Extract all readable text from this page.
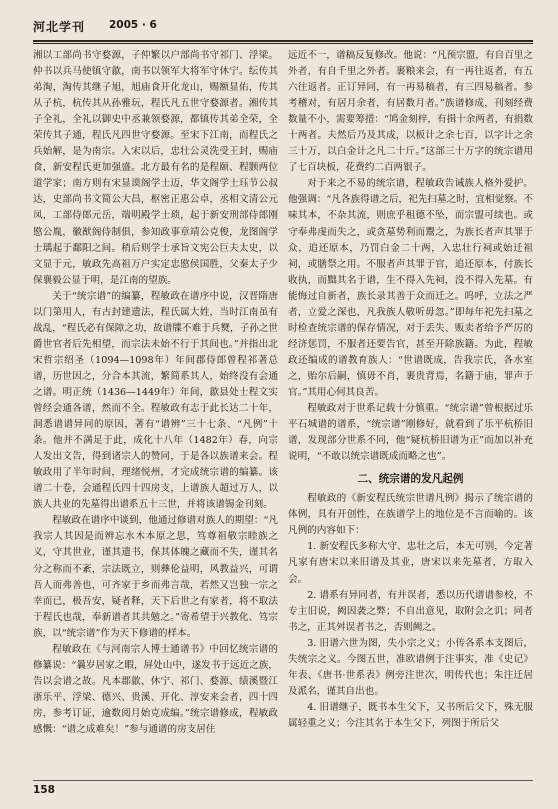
河北学刊 2005 · 6

湘以工部尚书守婺源，子仲繁以户部尚书守祁门、浮梁。仲书以兵马使镇守歙，南书以领军大将军守休宁。纭传其弟淘，淘传其继子旭，旭庙食开化龙山，赐额显佑，传其从子杭，杭传其从孙雅玩，程氏凡五世守婺源者。湘传其子全礼，全礼以御史中丞兼领婺源，都镇传其弟全荣，全荣传其子通，程氏凡四世守婺源。至宋下江南，而程氏之兵始解，是为南宗。入宋以后，忠壮公灵洗受王封，赐庙食，新安程氏更加强盛。北方最有名的是程颐、程颢两位道学家；南方则有宋显谟阁学士迈，华文阁学士珏节公叔达，史部尚书文简公大昌，枢密正惠公卓，丞相文清公元凤，工部侍郎元岳，端明殿学士琐，起于新安刑部侍郎刚愍公胤，徽猷阁侍制俱，参知政事章靖公克俊，龙图阁学士瑀起于鄱阳之间。稍后则学士承旨文宪公巨夫太史，以文显于元，敏政先高祖万户实定忠愍侯国胜，父秦太子少保襄毅公显于明，是江南的望族。

关于“统宗谱”的编纂，程敏政在谱序中说，汉晋隋唐以门第用人，有古封建遗法，程氏属大姓，当时江南虽有战乱，“程氏必有保障之功，故谱牒不难于兵燹，子孙之世爵世官者后先相望，而宗法未始不行于其间也。”并指出北宋哲宗绍圣（1094—1098年）年间郡侍郎曾程祁著总谱，历世因之，分合本其流，繁简系其人，始终没有会通之谱。明正统（1436—1449年）年间，歙县处士程文实曾经会通各谱，然而不全。程敏政有志于此长达二十年，洞悉谱谱异同的原因，著有“谱辨”三十七条、“凡例”十条。他并不满足于此，成化十八年（1482年）春，向宗人发出文告，得到诸宗人的赞同，于是各以族谱来会。程敏政用了半年时间，理绪悦州，才完成统宗谱的编纂。该谱二十卷，会通程氏四十四房支，上谱族人超过万人，以族人共业的先墓得出谱系五十三世，并将该谱锡金刊刻。

程敏政在谱序中谈到，他通过修谱对族人的期望：“凡我宗人其因是而辨忘水木本原之思，笃尊祖敬宗睦族之义，守其世业，谨其遗书，保其体魄之藏而不失，谨其名分之称而不紊，宗法既立，则彝伦益明，风教益兴，可谓吾人而弗善也，可齐家于乡而弗言哉，若然又岂独一宗之幸而已，极吾安，疑者释，天下后世之有家者，将不取法于程氏也哉，奉新谱者其共勉之。”寄希望于兴教化、笃宗族，以“统宗谱”作为天下修谱的样本。

程敏政在《与河南宗人博士通谱书》中回忆统宗谱的修纂说：“曩岁居家之暇，屏处山中，遂发书于远近之族，告以会谱之故。凡本郡歙、休宁、祁门、婺源、绩溪暨江浙乐平、浮梁、德兴、贵溪、开化、淳安来会者，四十四房，参考订证，逾数阅月始克成编。”统宗谱修成，程敏政感慨：“谱之成难矣！”参与通谱的房支居住

远近不一，谱稿反复修改。他说：“凡预宗盟，有自百里之外者，有自千里之外者。裹粮来会，有一再往返者，有五六往返者。正订异同，有一再易稿者，有三四易稿者。参考稽对，有居月余者，有居数月者。”族谱修成，刊刻经费数量不小，需要筹措：“鸠金刻梓，有揖十余两者，有捐数十两者。夫然后乃及其成，以板计之余七百，以字计之余三十万，以白金计之凡二十斤。”这部三十万字的统宗谱用了七百块板，花费约二百两银子。

对于来之不易的统宗谱，程敏政告诫族人格外爱护。他强调：“凡各族得谱之后，祀先扫墓之时，宜相觉察。不味其本，不杂其流，则庶乎租德不坠，而宗盟可续也。或守奉弗虔而失之，或贪墓势利而鬻之，为族长者声其罪于众，追还原本，乃罚白金二十两，入忠壮行祠或始迁祖祠，或膳祭之用。不服者声其罪于官，追还原本，付族长收执，而黜其名于谱，生不得入先祠，没不得入先墓。有能悔过自新者，族长录其善于众而迁之。呜呼，立法之严者，立爱之深也，凡我族人敬听毋忽。”即每年祀先扫墓之时检查统宗谱的保存情况，对于丢失、贩卖者给予严厉的经济惩罚，不服者还要告官，甚至开除族籍。为此，程敏政还编成的谱教育族人：“世谱既成，告我宗氏，各水室之，贻尔后嗣，慎毋不肖，裹贵背焉，名籍于庙，罪声于官。”其用心何其良苦。

程敏政对于世系记载十分慎重。“统宗谱”曾根据过乐平石城谱的谱系，“统宗谱”刚修好，就看到了乐平杭桥旧谱，发现部分世系不同，他“疑杭桥旧谱为正”而加以补充说明，“不敢以统宗谱既成而略之也”。

二、统宗谱的发凡起例

程敏政的《新安程氏统宗世谱凡例》揭示了统宗谱的体例，具有开创性，在族谱学上的地位是不言而喻的。该凡例的内容如下：

1. 新安程氏多称大守、忠壮之后，本无可别，今定著凡家有唐宋以来旧谱及其业，唐宋以来先墓者，方取入会。

2. 谱系有异同者，有并误者，悉以历代谱谱参校，不专主旧说，阙因袭之弊；不自出意见，取附会之讥；同者书之，正其舛误者书之，否则阙之。

3. 旧谱六世为图，失小宗之义；小传各系本支图后，失统宗之义。今图五世，准欧谱例于注事实，准《史记》年表、《唐书·世系表》例旁注世次，明传代也；朱注迁居及派名，谨其自出也。

4. 旧谱继子，既书本生父下，又书所后父下，殊无服属轻重之义；今注其名于本生父下，列图于所后父

158
